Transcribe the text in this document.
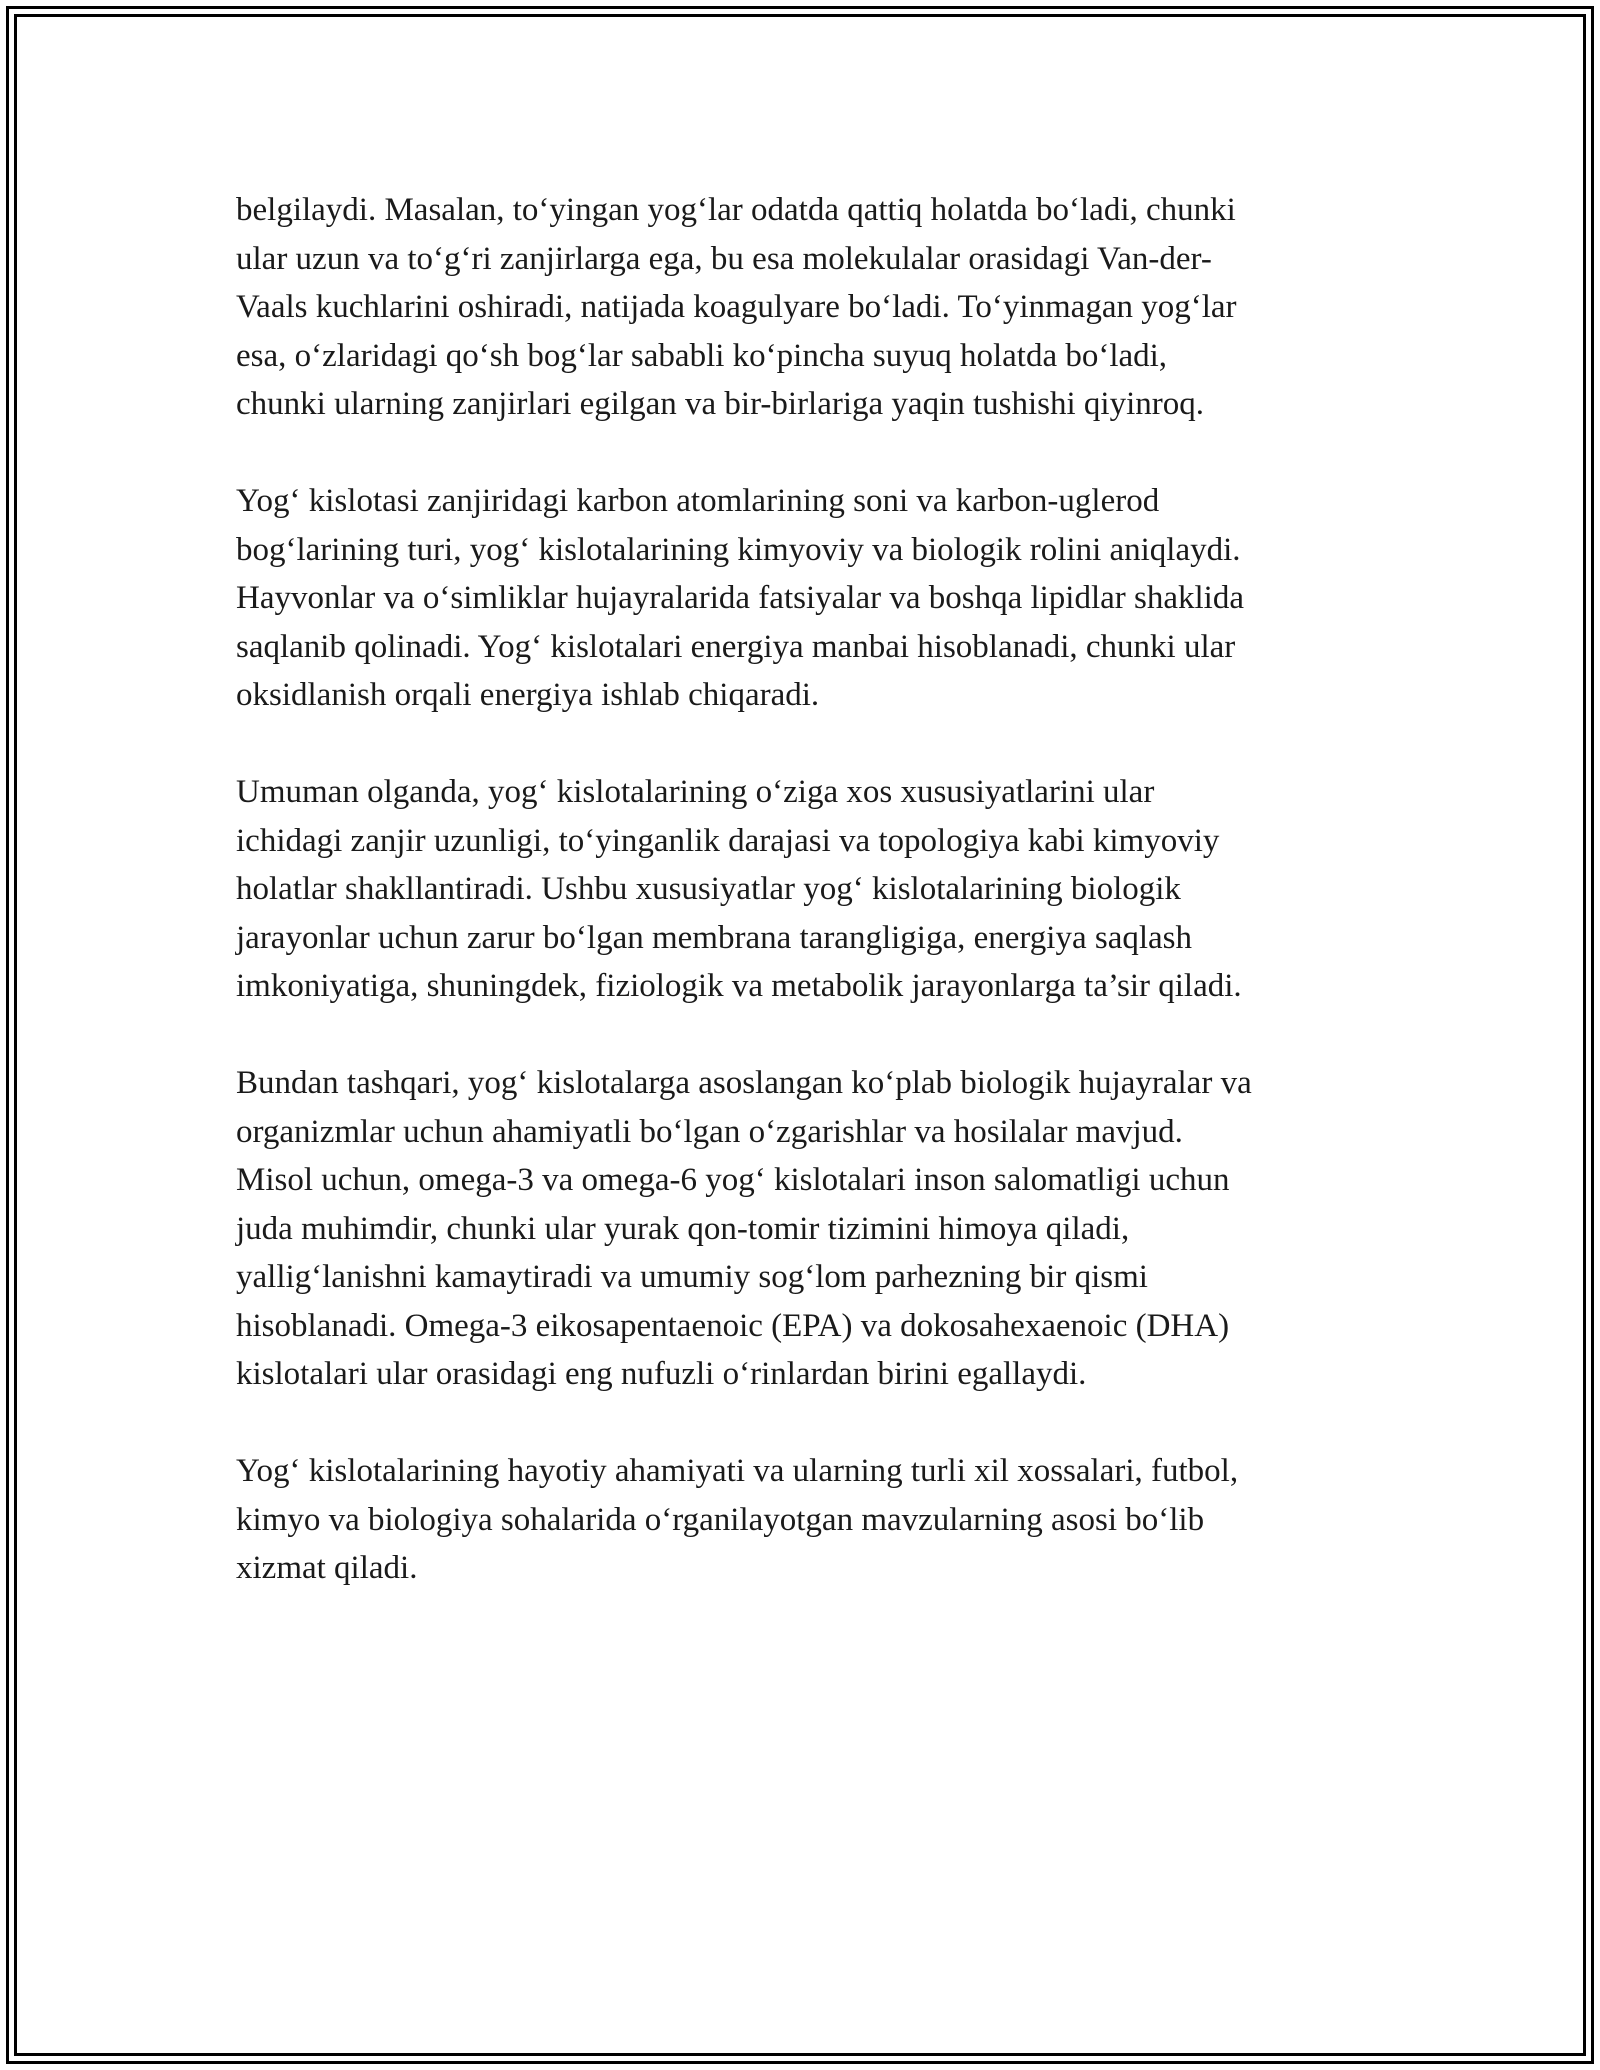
belgilaydi. Masalan, to‘yingan yog‘lar odatda qattiq holatda bo‘ladi, chunki
ular uzun va to‘g‘ri zanjirlarga ega, bu esa molekulalar orasidagi Van-der-
Vaals kuchlarini oshiradi, natijada koagulyare bo‘ladi. To‘yinmagan yog‘lar
esa, o‘zlaridagi qo‘sh bog‘lar sababli ko‘pincha suyuq holatda bo‘ladi,
chunki ularning zanjirlari egilgan va bir-birlariga yaqin tushishi qiyinroq.

Yog‘ kislotasi zanjiridagi karbon atomlarining soni va karbon-uglerod
bog‘larining turi, yog‘ kislotalarining kimyoviy va biologik rolini aniqlaydi.
Hayvonlar va o‘simliklar hujayralarida fatsiyalar va boshqa lipidlar shaklida
saqlanib qolinadi. Yog‘ kislotalari energiya manbai hisoblanadi, chunki ular
oksidlanish orqali energiya ishlab chiqaradi.

Umuman olganda, yog‘ kislotalarining o‘ziga xos xususiyatlarini ular
ichidagi zanjir uzunligi, to‘yinganlik darajasi va topologiya kabi kimyoviy
holatlar shakllantiradi. Ushbu xususiyatlar yog‘ kislotalarining biologik
jarayonlar uchun zarur bo‘lgan membrana tarangligiga, energiya saqlash
imkoniyatiga, shuningdek, fiziologik va metabolik jarayonlarga ta’sir qiladi.

Bundan tashqari, yog‘ kislotalarga asoslangan ko‘plab biologik hujayralar va
organizmlar uchun ahamiyatli bo‘lgan o‘zgarishlar va hosilalar mavjud.
Misol uchun, omega-3 va omega-6 yog‘ kislotalari inson salomatligi uchun
juda muhimdir, chunki ular yurak qon-tomir tizimini himoya qiladi,
yallig‘lanishni kamaytiradi va umumiy sog‘lom parhezning bir qismi
hisoblanadi. Omega-3 eikosapentaenoic (EPA) va dokosahexaenoic (DHA)
kislotalari ular orasidagi eng nufuzli o‘rinlardan birini egallaydi.

Yog‘ kislotalarining hayotiy ahamiyati va ularning turli xil xossalari, futbol,
kimyo va biologiya sohalarida o‘rganilayotgan mavzularning asosi bo‘lib
xizmat qiladi.
